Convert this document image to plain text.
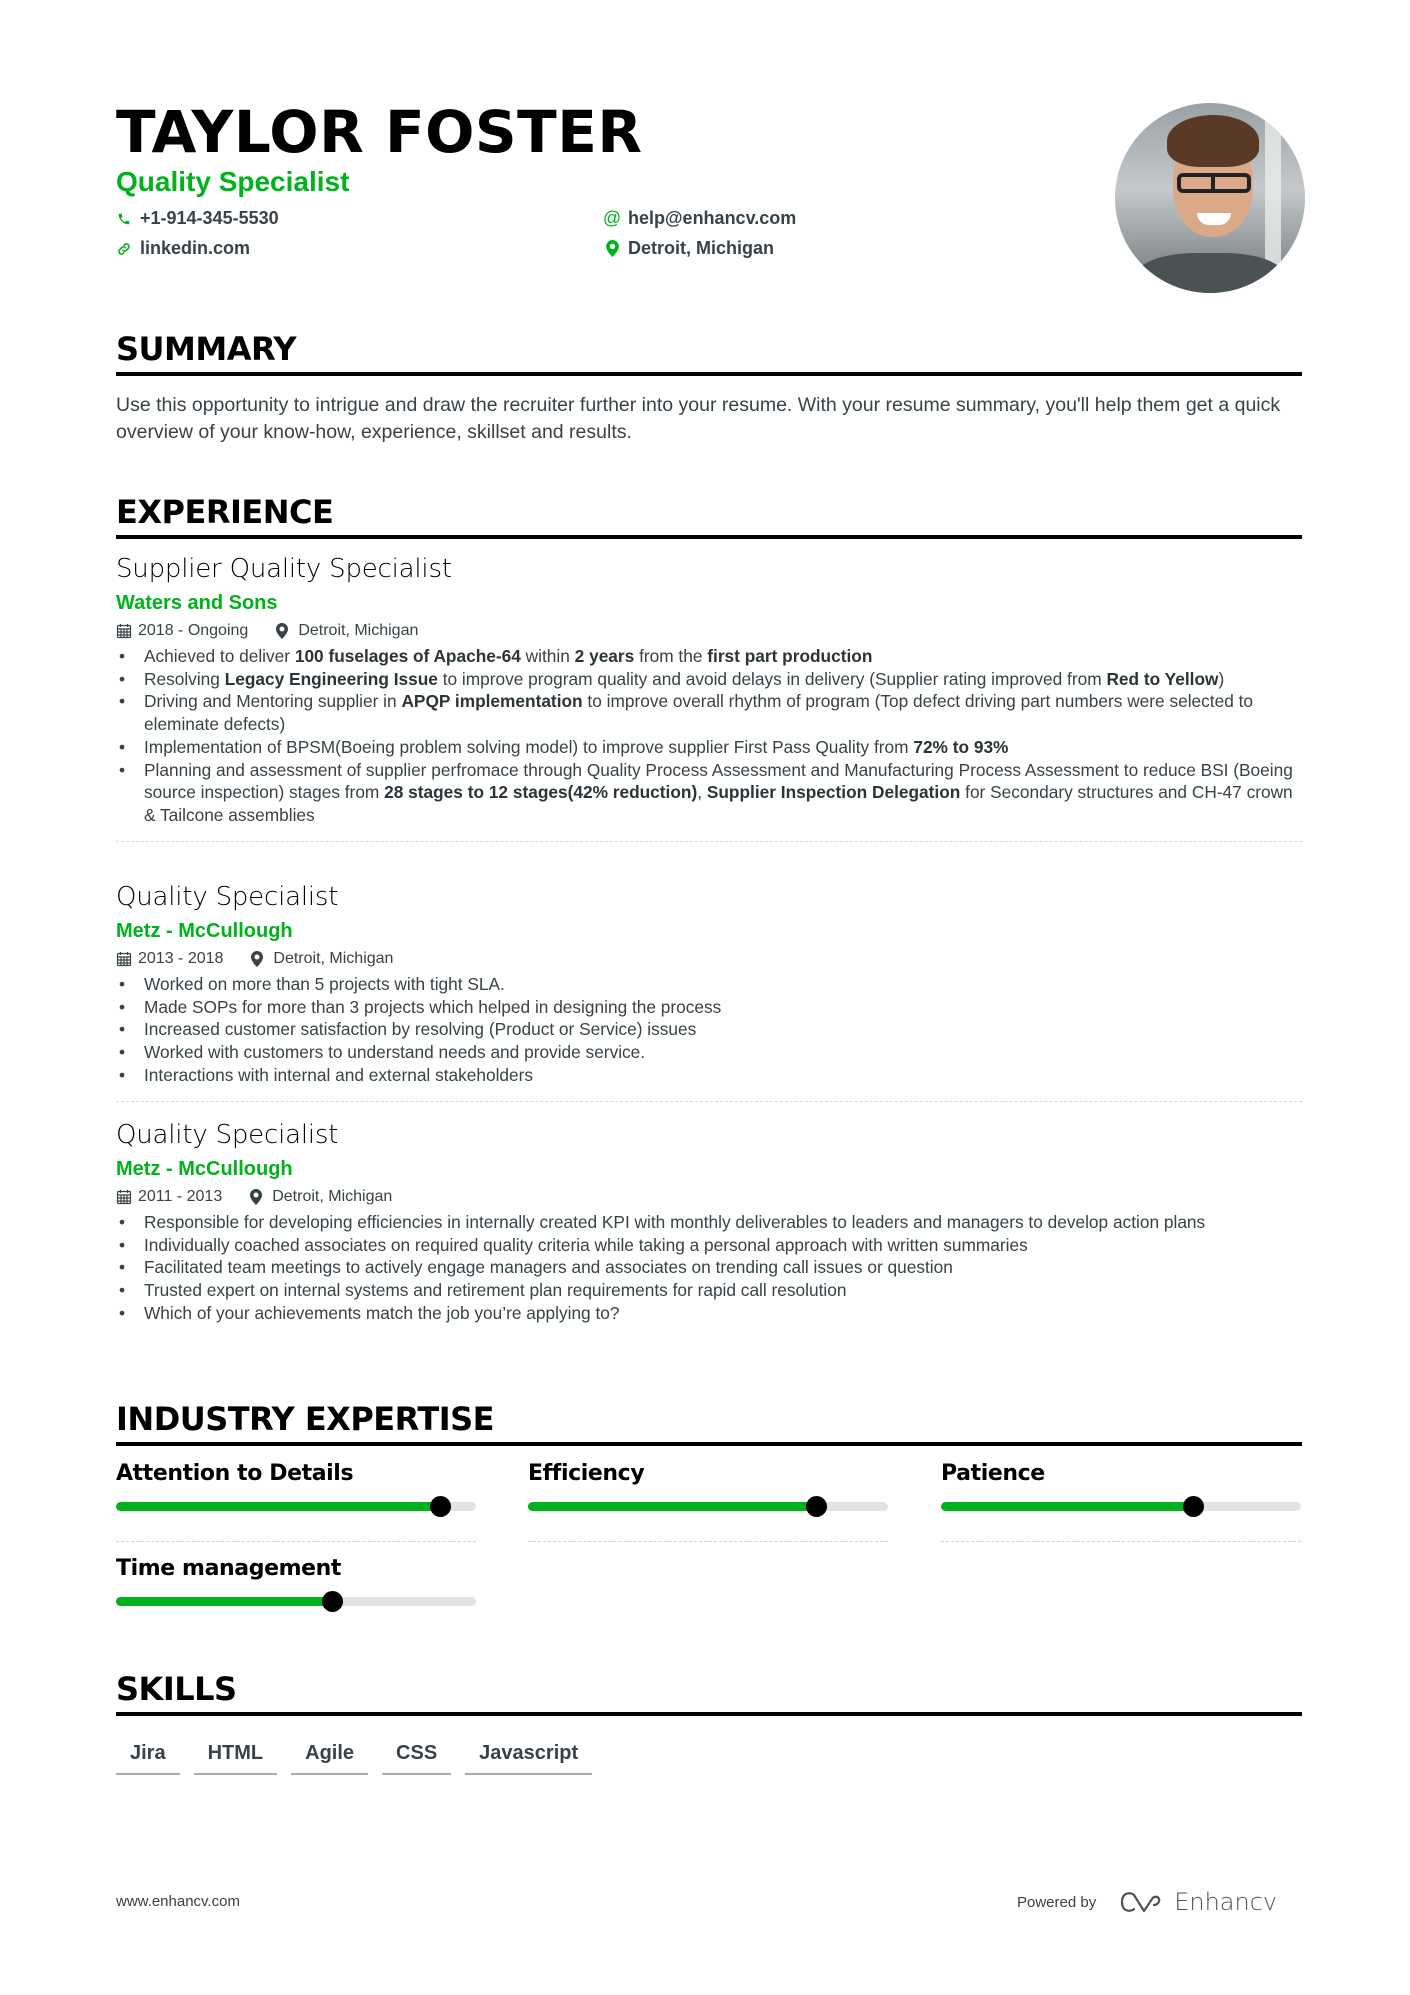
TAYLOR FOSTER
Quality Specialist
+1-914-345-5530	@ help@enhancv.com
linkedin.com	Detroit, Michigan
SUMMARY
Use this opportunity to intrigue and draw the recruiter further into your resume. With your resume summary, you'll help them get a quick overview of your know-how, experience, skillset and results.
EXPERIENCE
Supplier Quality Specialist
Waters and Sons
2018 - Ongoing	Detroit, Michigan
• Achieved to deliver 100 fuselages of Apache-64 within 2 years from the first part production
• Resolving Legacy Engineering Issue to improve program quality and avoid delays in delivery (Supplier rating improved from Red to Yellow)
• Driving and Mentoring supplier in APQP implementation to improve overall rhythm of program (Top defect driving part numbers were selected to eleminate defects)
• Implementation of BPSM(Boeing problem solving model) to improve supplier First Pass Quality from 72% to 93%
• Planning and assessment of supplier perfromace through Quality Process Assessment and Manufacturing Process Assessment to reduce BSI (Boeing source inspection) stages from 28 stages to 12 stages(42% reduction), Supplier Inspection Delegation for Secondary structures and CH-47 crown & Tailcone assemblies
Quality Specialist
Metz - McCullough
2013 - 2018	Detroit, Michigan
• Worked on more than 5 projects with tight SLA.
• Made SOPs for more than 3 projects which helped in designing the process
• Increased customer satisfaction by resolving (Product or Service) issues
• Worked with customers to understand needs and provide service.
• Interactions with internal and external stakeholders
Quality Specialist
Metz - McCullough
2011 - 2013	Detroit, Michigan
• Responsible for developing efficiencies in internally created KPI with monthly deliverables to leaders and managers to develop action plans
• Individually coached associates on required quality criteria while taking a personal approach with written summaries
• Facilitated team meetings to actively engage managers and associates on trending call issues or question
• Trusted expert on internal systems and retirement plan requirements for rapid call resolution
• Which of your achievements match the job you’re applying to?
INDUSTRY EXPERTISE
Attention to Details	Efficiency	Patience
Time management
SKILLS
Jira	HTML	Agile	CSS	Javascript
www.enhancv.com	Powered by	Enhancv
